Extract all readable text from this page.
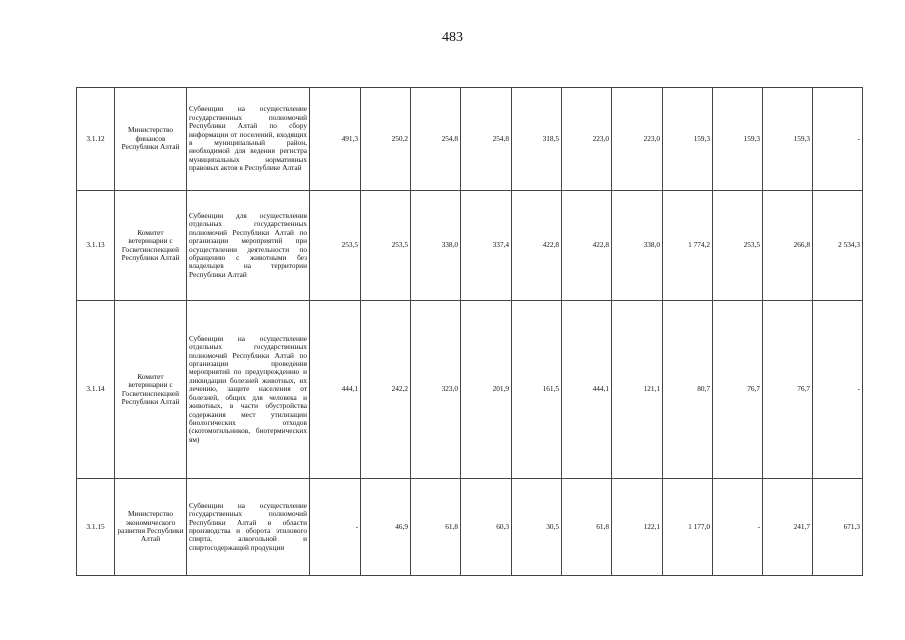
483
3.1.12	Министерство финансов Республики Алтай	Субвенции на осуществление государственных полномочий Республики Алтай по сбору информации от поселений, входящих в муниципальный район, необходимой для ведения регистра муниципальных нормативных правовых актов в Республике Алтай	491,3	250,2	254,8	254,8	318,5	223,0	223,0	159,3	159,3	159,3	-
3.1.13	Комитет ветеринарии с Госветинспекцией Республики Алтай	Субвенции для осуществления отдельных государственных полномочий Республики Алтай по организации мероприятий при осуществлении деятельности по обращению с животными без владельцев на территории Республики Алтай	253,5	253,5	338,0	337,4	422,8	422,8	338,0	1 774,2	253,5	266,8	2 534,3
3.1.14	Комитет ветеринарии с Госветинспекцией Республики Алтай	Субвенции на осуществление отдельных государственных полномочий Республики Алтай по организации проведения мероприятий по предупреждению и ликвидации болезней животных, их лечению, защите населения от болезней, общих для человека и животных, в части обустройства содержания мест утилизации биологических отходов (скотомогильников, биотермических ям)	444,1	242,2	323,0	201,9	161,5	444,1	121,1	80,7	76,7	76,7	-
3.1.15	Министерство экономического развития Республики Алтай	Субвенции на осуществление государственных полномочий Республики Алтай в области производства и оборота этилового спирта, алкогольной и спиртосодержащей продукции	-	46,9	61,8	60,3	30,5	61,8	122,1	1 177,0	-	241,7	671,3
